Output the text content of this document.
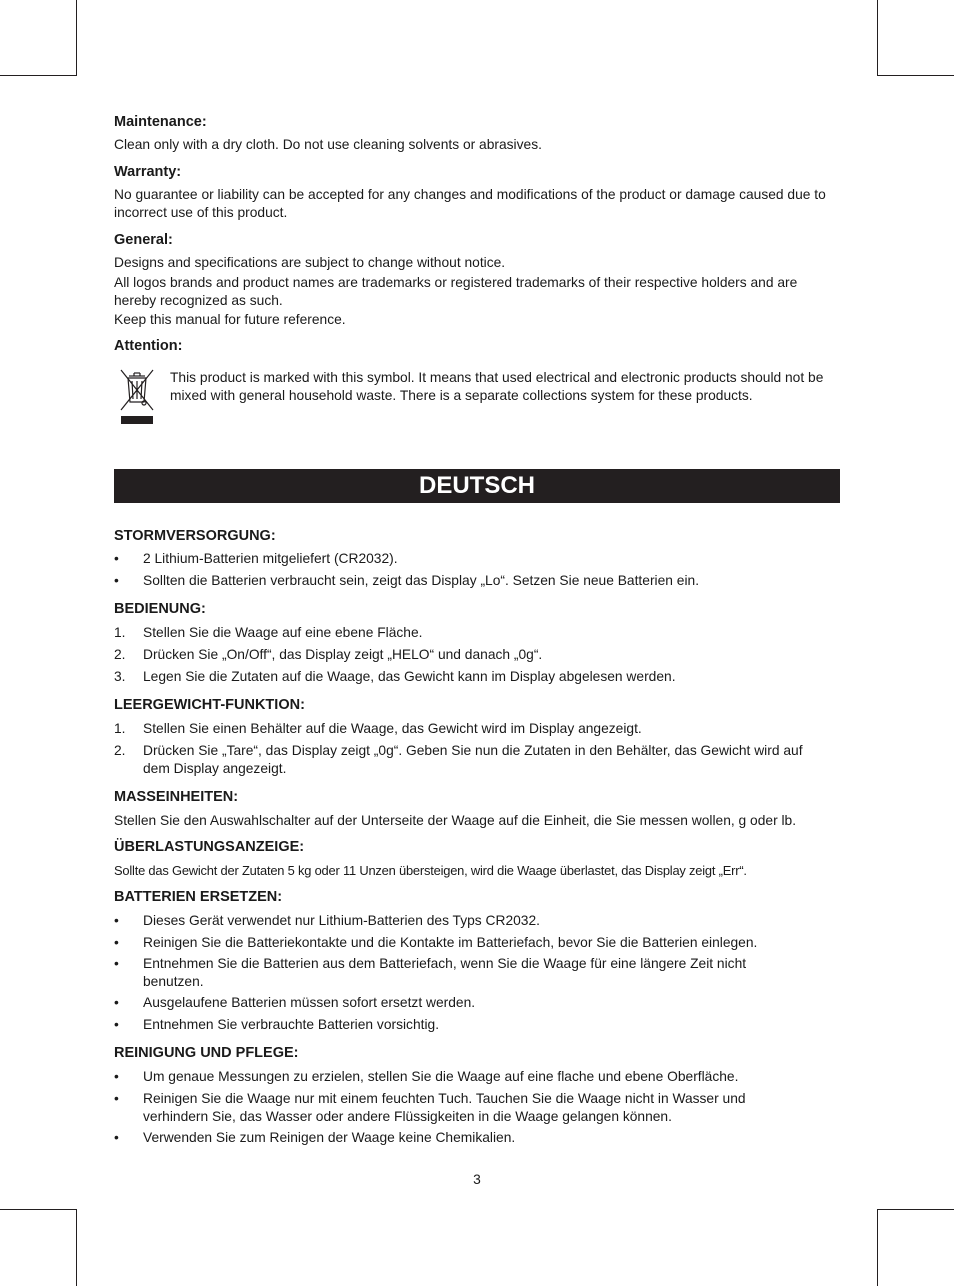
Maintenance:
Clean only with a dry cloth. Do not use cleaning solvents or abrasives.
Warranty:
No guarantee or liability can be accepted for any changes and modifications of the product or damage caused due to incorrect use of this product.
General:
Designs and specifications are subject to change without notice.
All logos brands and product names are trademarks or registered trademarks of their respective holders and are hereby recognized as such.
Keep this manual for future reference.
Attention:
This product is marked with this symbol. It means that used electrical and electronic products should not be mixed with general household waste. There is a separate collections system for these products.
DEUTSCH
STORMVERSORGUNG:
• 2 Lithium-Batterien mitgeliefert (CR2032).
• Sollten die Batterien verbraucht sein, zeigt das Display „Lo“. Setzen Sie neue Batterien ein.
BEDIENUNG:
1. Stellen Sie die Waage auf eine ebene Fläche.
2. Drücken Sie „On/Off“, das Display zeigt „HELO“ und danach „0g“.
3. Legen Sie die Zutaten auf die Waage, das Gewicht kann im Display abgelesen werden.
LEERGEWICHT-FUNKTION:
1. Stellen Sie einen Behälter auf die Waage, das Gewicht wird im Display angezeigt.
2. Drücken Sie „Tare“, das Display zeigt „0g“. Geben Sie nun die Zutaten in den Behälter, das Gewicht wird auf dem Display angezeigt.
MASSEINHEITEN:
Stellen Sie den Auswahlschalter auf der Unterseite der Waage auf die Einheit, die Sie messen wollen, g oder lb.
ÜBERLASTUNGSANZEIGE:
Sollte das Gewicht der Zutaten 5 kg oder 11 Unzen übersteigen, wird die Waage überlastet, das Display zeigt „Err“.
BATTERIEN ERSETZEN:
• Dieses Gerät verwendet nur Lithium-Batterien des Typs CR2032.
• Reinigen Sie die Batteriekontakte und die Kontakte im Batteriefach, bevor Sie die Batterien einlegen.
• Entnehmen Sie die Batterien aus dem Batteriefach, wenn Sie die Waage für eine längere Zeit nicht benutzen.
• Ausgelaufene Batterien müssen sofort ersetzt werden.
• Entnehmen Sie verbrauchte Batterien vorsichtig.
REINIGUNG UND PFLEGE:
• Um genaue Messungen zu erzielen, stellen Sie die Waage auf eine flache und ebene Oberfläche.
• Reinigen Sie die Waage nur mit einem feuchten Tuch. Tauchen Sie die Waage nicht in Wasser und verhindern Sie, das Wasser oder andere Flüssigkeiten in die Waage gelangen können.
• Verwenden Sie zum Reinigen der Waage keine Chemikalien.
3
